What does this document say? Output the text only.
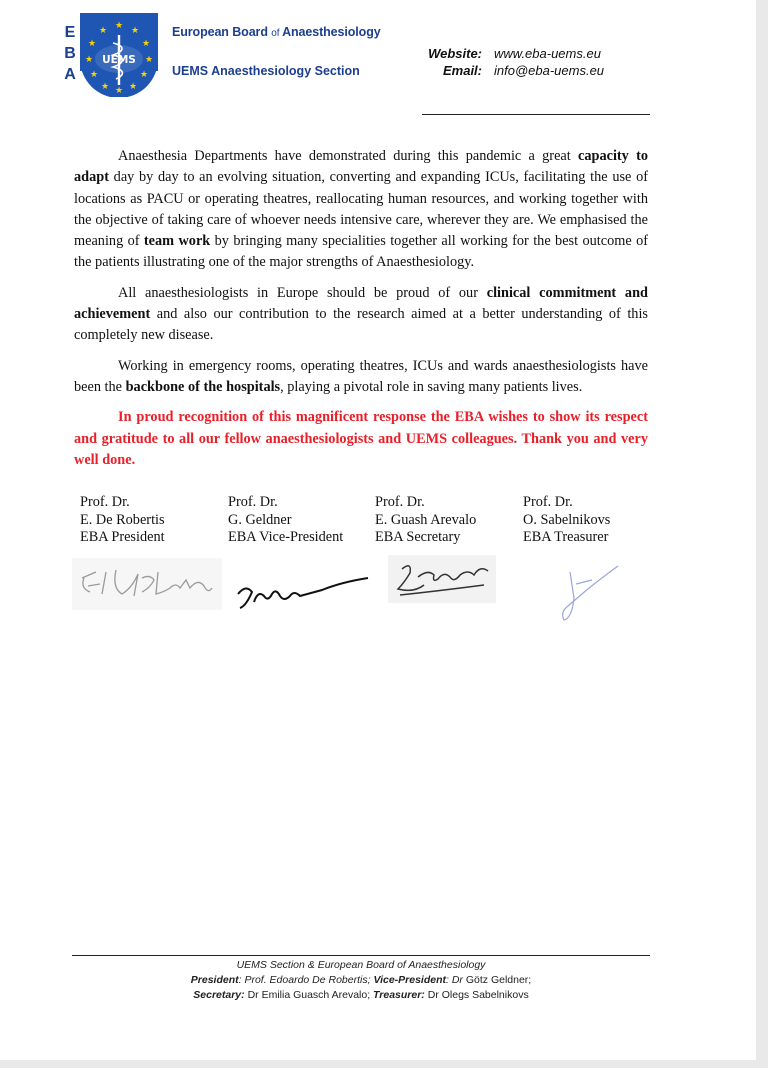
E
B
A
★ ★
★
★
★
★
★
★
★
★
★
★
UEMS
European Board of Anaesthesiology
UEMS Anaesthesiology Section
Website: www.eba-uems.eu
Email: info@eba-uems.eu

Anaesthesia Departments have demonstrated during this pandemic a great capacity to adapt day by day to an evolving situation, converting and expanding ICUs, facilitating the use of locations as PACU or operating theatres, reallocating human resources, and working together with the objective of taking care of whoever needs intensive care, wherever they are. We emphasised the meaning of team work by bringing many specialities together all working for the best outcome of the patients illustrating one of the major strengths of Anaesthesiology.

All anaesthesiologists in Europe should be proud of our clinical commitment and achievement and also our contribution to the research aimed at a better understanding of this completely new disease.

Working in emergency rooms, operating theatres, ICUs and wards anaesthesiologists have been the backbone of the hospitals, playing a pivotal role in saving many patients lives.

In proud recognition of this magnificent response the EBA wishes to show its respect and gratitude to all our fellow anaesthesiologists and UEMS colleagues. Thank you and very well done.

Prof. Dr.
E. De Robertis
EBA President
Prof. Dr.
G. Geldner
EBA Vice-President
Prof. Dr.
E. Guash Arevalo
EBA Secretary
Prof. Dr.
O. Sabelnikovs
EBA Treasurer
UEMS Section & European Board of Anaesthesiology
President: Prof. Edoardo De Robertis; Vice-President: Dr Götz Geldner;
Secretary: Dr Emilia Guasch Arevalo; Treasurer: Dr Olegs Sabelnikovs
